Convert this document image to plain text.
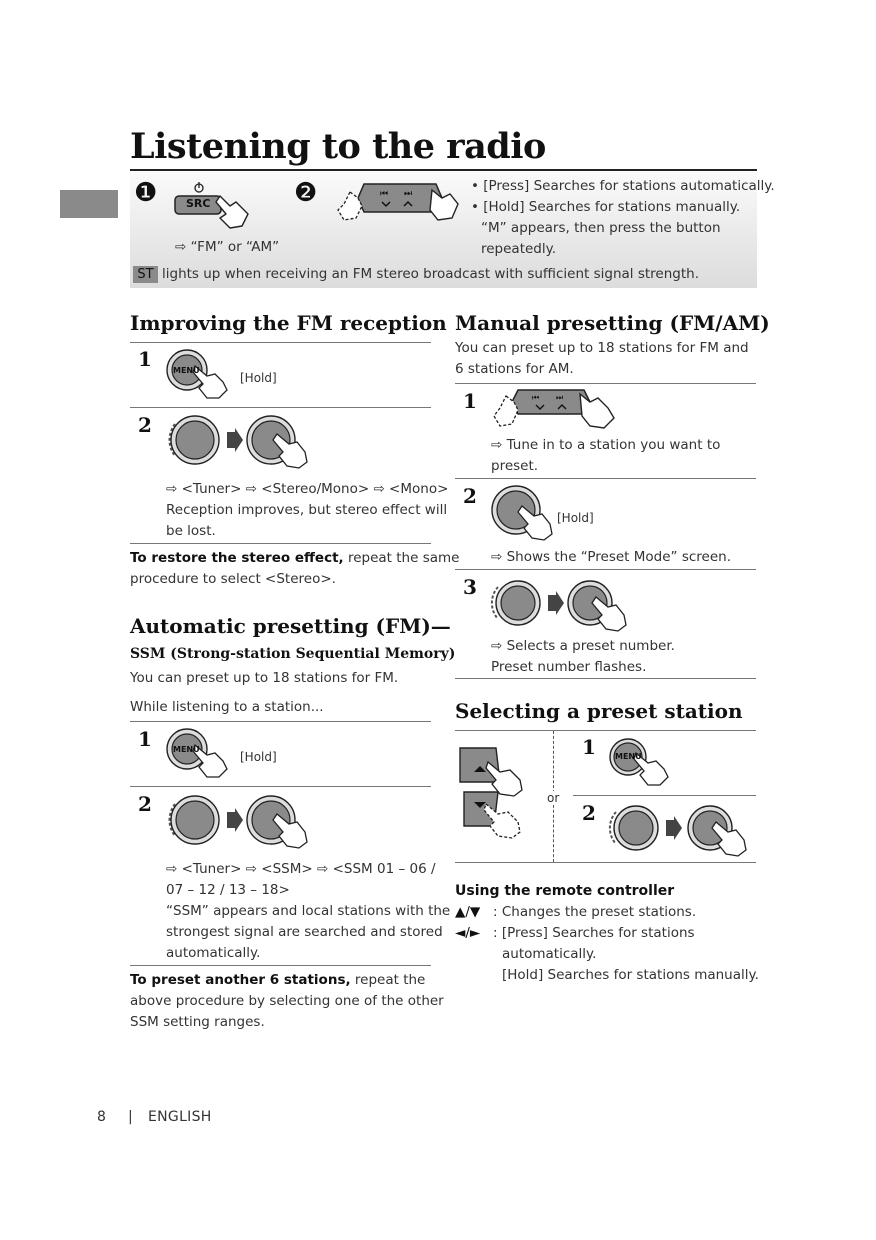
Listening to the radio
❶	❷
SRC
⇨ “FM” or “AM”
⏮ ⏭	• [Press] Searches for stations automatically.
• [Hold] Searches for stations manually.
“M” appears, then press the button
repeatedly.
ST lights up when receiving an FM stereo broadcast with sufficient signal strength.
Improving the FM reception
1	MENU
[Hold]
2
⇨ <Tuner> ⇨ <Stereo/Mono> ⇨ <Mono>
Reception improves, but stereo effect will
be lost.
To restore the stereo effect, repeat the same
procedure to select <Stereo>.
Automatic presetting (FM)—
SSM (Strong-station Sequential Memory)
You can preset up to 18 stations for FM.
While listening to a station...
1	MENU
[Hold]
2
⇨ <Tuner> ⇨ <SSM> ⇨ <SSM 01 – 06 /
07 – 12 / 13 – 18>
“SSM” appears and local stations with the
strongest signal are searched and stored
automatically.
To preset another 6 stations, repeat the
above procedure by selecting one of the other
SSM setting ranges.
Manual presetting (FM/AM)
You can preset up to 18 stations for FM and
6 stations for AM.
1	⏮ ⏭
⇨ Tune in to a station you want to
preset.
2
[Hold]
⇨ Shows the “Preset Mode” screen.
3
⇨ Selects a preset number.
Preset number flashes.
Selecting a preset station
or
1 MENU
2
Using the remote controller
▲/▼ : Changes the preset stations.
◄/► : [Press] Searches for stations
automatically.
[Hold] Searches for stations manually.
8 | ENGLISH
